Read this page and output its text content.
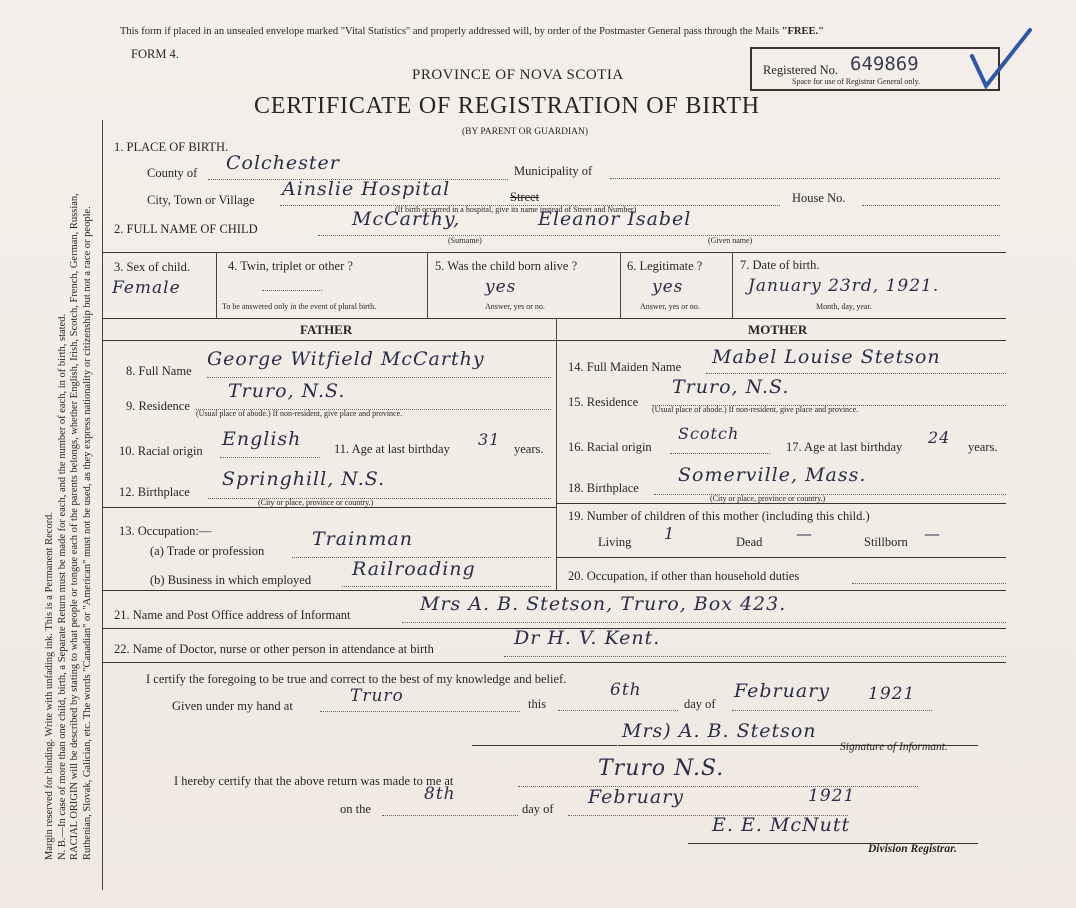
Margin reserved for binding. Write with unfading ink. This is a Permanent Record. N. B.—In case of more than one child, birth, a Separate Return must be made for each, and the number of each, in of birth, stated. RACIAL ORIGIN will be described by stating to what people or tongue each of the parents belongs, whether English, Irish, Scotch, French, German, Russian, Ruthenian, Slovak, Galician, etc. The words "Canadian" or "American" must not be used, as they express nationality or citizenship but not a race or people.
This form if placed in an unsealed envelope marked "Vital Statistics" and properly addressed will, by order of the Postmaster General pass through the Mails "FREE."
FORM 4.
PROVINCE OF NOVA SCOTIA
CERTIFICATE OF REGISTRATION OF BIRTH
(BY PARENT OR GUARDIAN)
Registered No. 649869
Space for use of Registrar General only.
1. PLACE OF BIRTH.
County of Colchester	Municipality of
City, Town or Village Ainslie Hospital	Street	House No.
(If birth occurred in a hospital, give its name instead of Street and Number)
2. FULL NAME OF CHILD	McCarthy,	Eleanor Isabel
(Surname)	(Given name)
3. Sex of child.
Female
4. Twin, triplet or other ?
To be answered only in the event of plural birth.
5. Was the child born alive ?
yes
Answer, yes or no.
6. Legitimate ?
yes
Answer, yes or no.
7. Date of birth.
January 23rd, 1921.
Month, day, year.
FATHER	MOTHER
8. Full Name
George Witfield McCarthy
9. Residence
Truro, N.S.
(Usual place of abode.) If non-resident, give place and province.
10. Racial origin
English	11. Age at last birthday 31 years.
12. Birthplace
Springhill, N.S.
(City or place, province or country.)
13. Occupation:—
(a) Trade or profession
Trainman
(b) Business in which employed Railroading
14. Full Maiden Name Mabel Louise Stetson
15. Residence
Truro, N.S.
(Usual place of abode.) If non-resident, give place and province.
16. Racial origin
Scotch
17. Age at last birthday 24 years.
18. Birthplace
Somerville, Mass.
(City or place, province or country.)
19. Number of children of this mother (including this child.)
Living 1	Dead —	Stillborn —
20. Occupation, if other than household duties
21. Name and Post Office address of Informant	Mrs A. B. Stetson, Truro, Box 423.
22. Name of Doctor, nurse or other person in attendance at birth	Dr H. V. Kent.
I certify the foregoing to be true and correct to the best of my knowledge and belief.
Given under my hand at	Truro	this
6th
day of
February 1921
Mrs) A. B. Stetson
Signature of Informant.
I hereby certify that the above return was made to me at	Truro N.S.
on the
8th
day of
February	1921
E. E. McNutt
Division Registrar.
